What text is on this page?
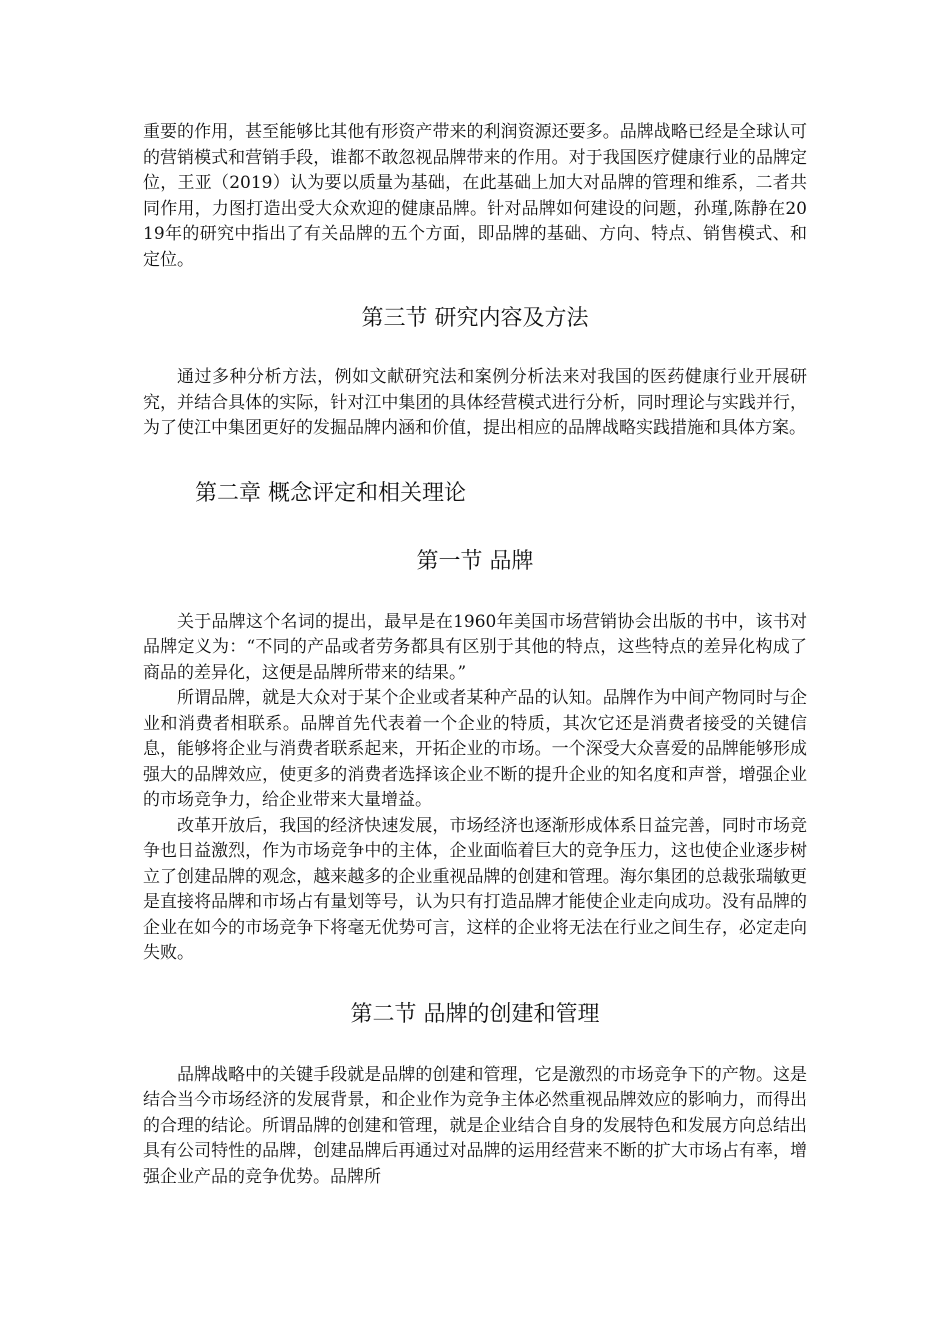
重要的作用，甚至能够比其他有形资产带来的利润资源还要多。品牌战略已经是全球认可的营销模式和营销手段，谁都不敢忽视品牌带来的作用。对于我国医疗健康行业的品牌定位，王亚（2019）认为要以质量为基础，在此基础上加大对品牌的管理和维系，二者共同作用，力图打造出受大众欢迎的健康品牌。针对品牌如何建设的问题，孙瑾,陈静在2019年的研究中指出了有关品牌的五个方面，即品牌的基础、方向、特点、销售模式、和定位。

第三节 研究内容及方法

通过多种分析方法，例如文献研究法和案例分析法来对我国的医药健康行业开展研究，并结合具体的实际，针对江中集团的具体经营模式进行分析，同时理论与实践并行，为了使江中集团更好的发掘品牌内涵和价值，提出相应的品牌战略实践措施和具体方案。

第二章 概念评定和相关理论
第一节 品牌

关于品牌这个名词的提出，最早是在1960年美国市场营销协会出版的书中，该书对品牌定义为：“不同的产品或者劳务都具有区别于其他的特点，这些特点的差异化构成了商品的差异化，这便是品牌所带来的结果。”

所谓品牌，就是大众对于某个企业或者某种产品的认知。品牌作为中间产物同时与企业和消费者相联系。品牌首先代表着一个企业的特质，其次它还是消费者接受的关键信息，能够将企业与消费者联系起来，开拓企业的市场。一个深受大众喜爱的品牌能够形成强大的品牌效应，使更多的消费者选择该企业不断的提升企业的知名度和声誉，增强企业的市场竞争力，给企业带来大量增益。

改革开放后，我国的经济快速发展，市场经济也逐渐形成体系日益完善，同时市场竞争也日益激烈，作为市场竞争中的主体，企业面临着巨大的竞争压力，这也使企业逐步树立了创建品牌的观念，越来越多的企业重视品牌的创建和管理。海尔集团的总裁张瑞敏更是直接将品牌和市场占有量划等号，认为只有打造品牌才能使企业走向成功。没有品牌的企业在如今的市场竞争下将毫无优势可言，这样的企业将无法在行业之间生存，必定走向失败。

第二节 品牌的创建和管理

品牌战略中的关键手段就是品牌的创建和管理，它是激烈的市场竞争下的产物。这是结合当今市场经济的发展背景，和企业作为竞争主体必然重视品牌效应的影响力，而得出的合理的结论。所谓品牌的创建和管理，就是企业结合自身的发展特色和发展方向总结出具有公司特性的品牌，创建品牌后再通过对品牌的运用经营来不断的扩大市场占有率，增强企业产品的竞争优势。品牌所
